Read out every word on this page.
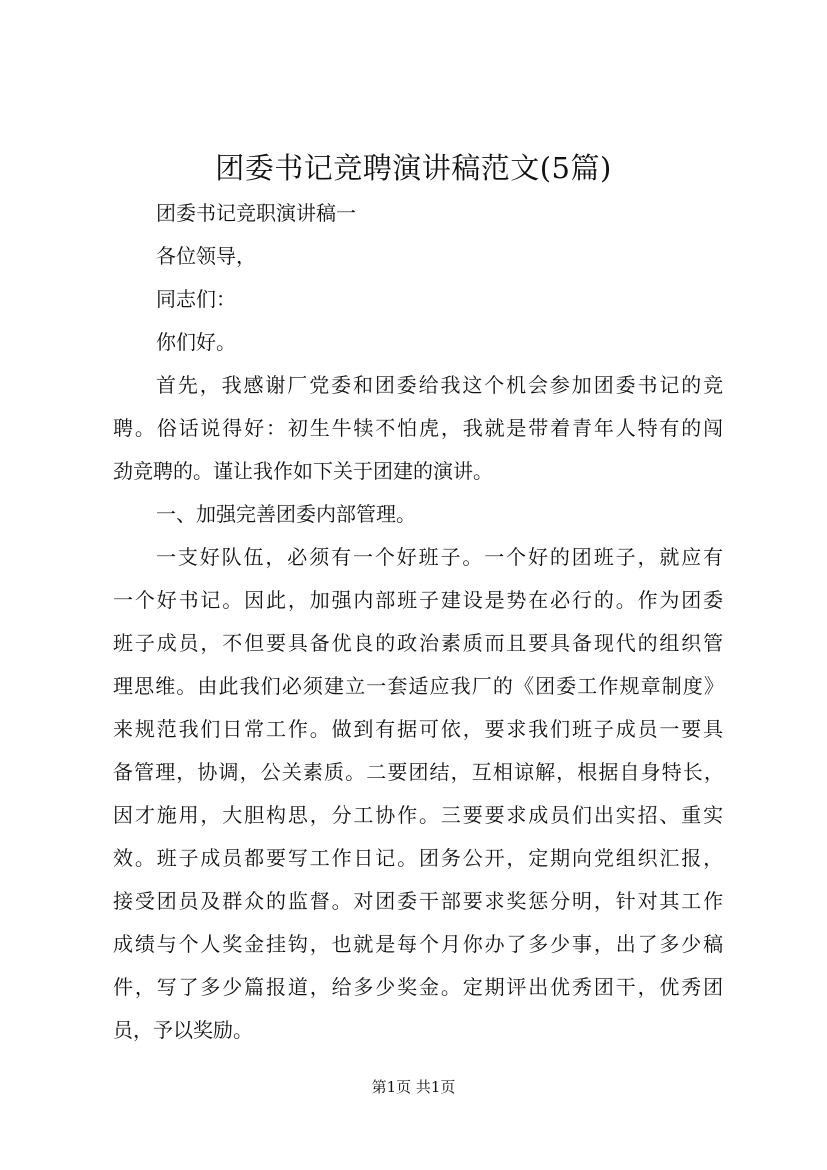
团委书记竞聘演讲稿范文(5篇)
团委书记竞职演讲稿一
各位领导，
同志们：
你们好。
首先，我感谢厂党委和团委给我这个机会参加团委书记的竞
聘。俗话说得好：初生牛犊不怕虎，我就是带着青年人特有的闯
劲竞聘的。谨让我作如下关于团建的演讲。
一、加强完善团委内部管理。
一支好队伍，必须有一个好班子。一个好的团班子，就应有
一个好书记。因此，加强内部班子建设是势在必行的。作为团委
班子成员，不但要具备优良的政治素质而且要具备现代的组织管
理思维。由此我们必须建立一套适应我厂的《团委工作规章制度》
来规范我们日常工作。做到有据可依，要求我们班子成员一要具
备管理，协调，公关素质。二要团结，互相谅解，根据自身特长，
因才施用，大胆构思，分工协作。三要要求成员们出实招、重实
效。班子成员都要写工作日记。团务公开，定期向党组织汇报，
接受团员及群众的监督。对团委干部要求奖惩分明，针对其工作
成绩与个人奖金挂钩，也就是每个月你办了多少事，出了多少稿
件，写了多少篇报道，给多少奖金。定期评出优秀团干，优秀团
员，予以奖励。
第1页 共1页
